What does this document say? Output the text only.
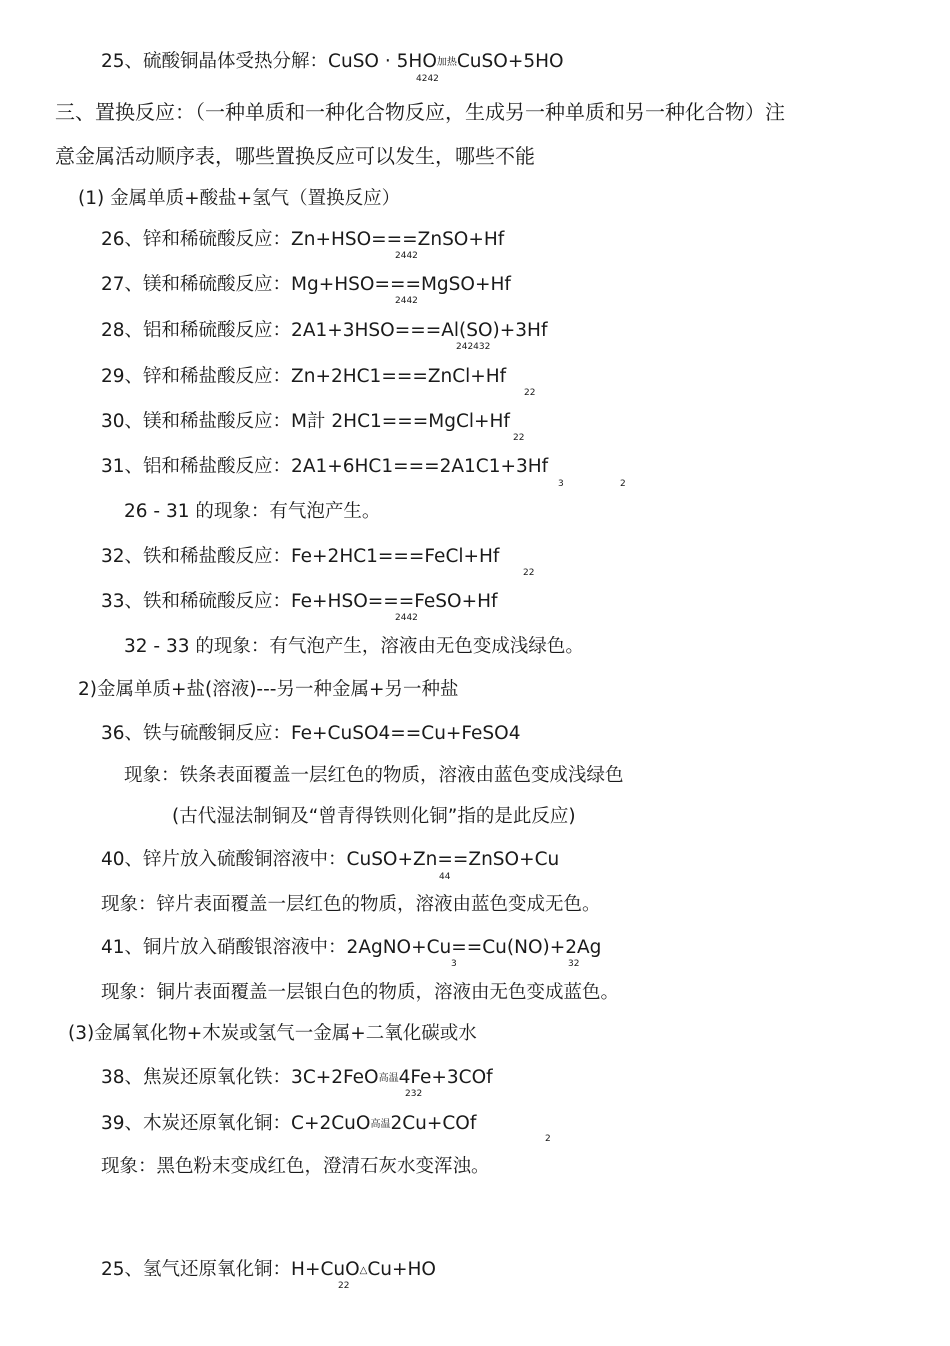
25、硫酸铜晶体受热分解：CuSO · 5HO加热CuSO+5HO
4242
三、置换反应：（一种单质和一种化合物反应，生成另一种单质和另一种化合物）注
意金属活动顺序表，哪些置换反应可以发生，哪些不能
(1) 金属单质+酸盐+氢气（置换反应）
26、锌和稀硫酸反应：Zn+HSO===ZnSO+Hf
2442
27、镁和稀硫酸反应：Mg+HSO===MgSO+Hf
2442
28、铝和稀硫酸反应：2A1+3HSO===Al(SO)+3Hf
242432
29、锌和稀盐酸反应：Zn+2HC1===ZnCl+Hf
22
30、镁和稀盐酸反应：M計 2HC1===MgCl+Hf
22
31、铝和稀盐酸反应：2A1+6HC1===2A1C1+3Hf
3	2
26 - 31 的现象：有气泡产生。
32、铁和稀盐酸反应：Fe+2HC1===FeCl+Hf
22
33、铁和稀硫酸反应：Fe+HSO===FeSO+Hf
2442
32 - 33 的现象：有气泡产生，溶液由无色变成浅绿色。
2)金属单质+盐(溶液)---另一种金属+另一种盐
36、铁与硫酸铜反应：Fe+CuSO4==Cu+FeSO4
现象：铁条表面覆盖一层红色的物质，溶液由蓝色变成浅绿色
(古代湿法制铜及“曾青得铁则化铜”指的是此反应)
40、锌片放入硫酸铜溶液中：CuSO+Zn==ZnSO+Cu
44
现象：锌片表面覆盖一层红色的物质，溶液由蓝色变成无色。
41、铜片放入硝酸银溶液中：2AgNO+Cu==Cu(NO)+2Ag
3	32
现象：铜片表面覆盖一层银白色的物质，溶液由无色变成蓝色。
(3)金属氧化物+木炭或氢气一金属+二氧化碳或水
38、焦炭还原氧化铁：3C+2FeO高温4Fe+3COf
232
39、木炭还原氧化铜：C+2CuO高温2Cu+COf
2
现象：黑色粉末变成红色，澄清石灰水变浑浊。
25、氢气还原氧化铜：H+CuO△Cu+HO
22
